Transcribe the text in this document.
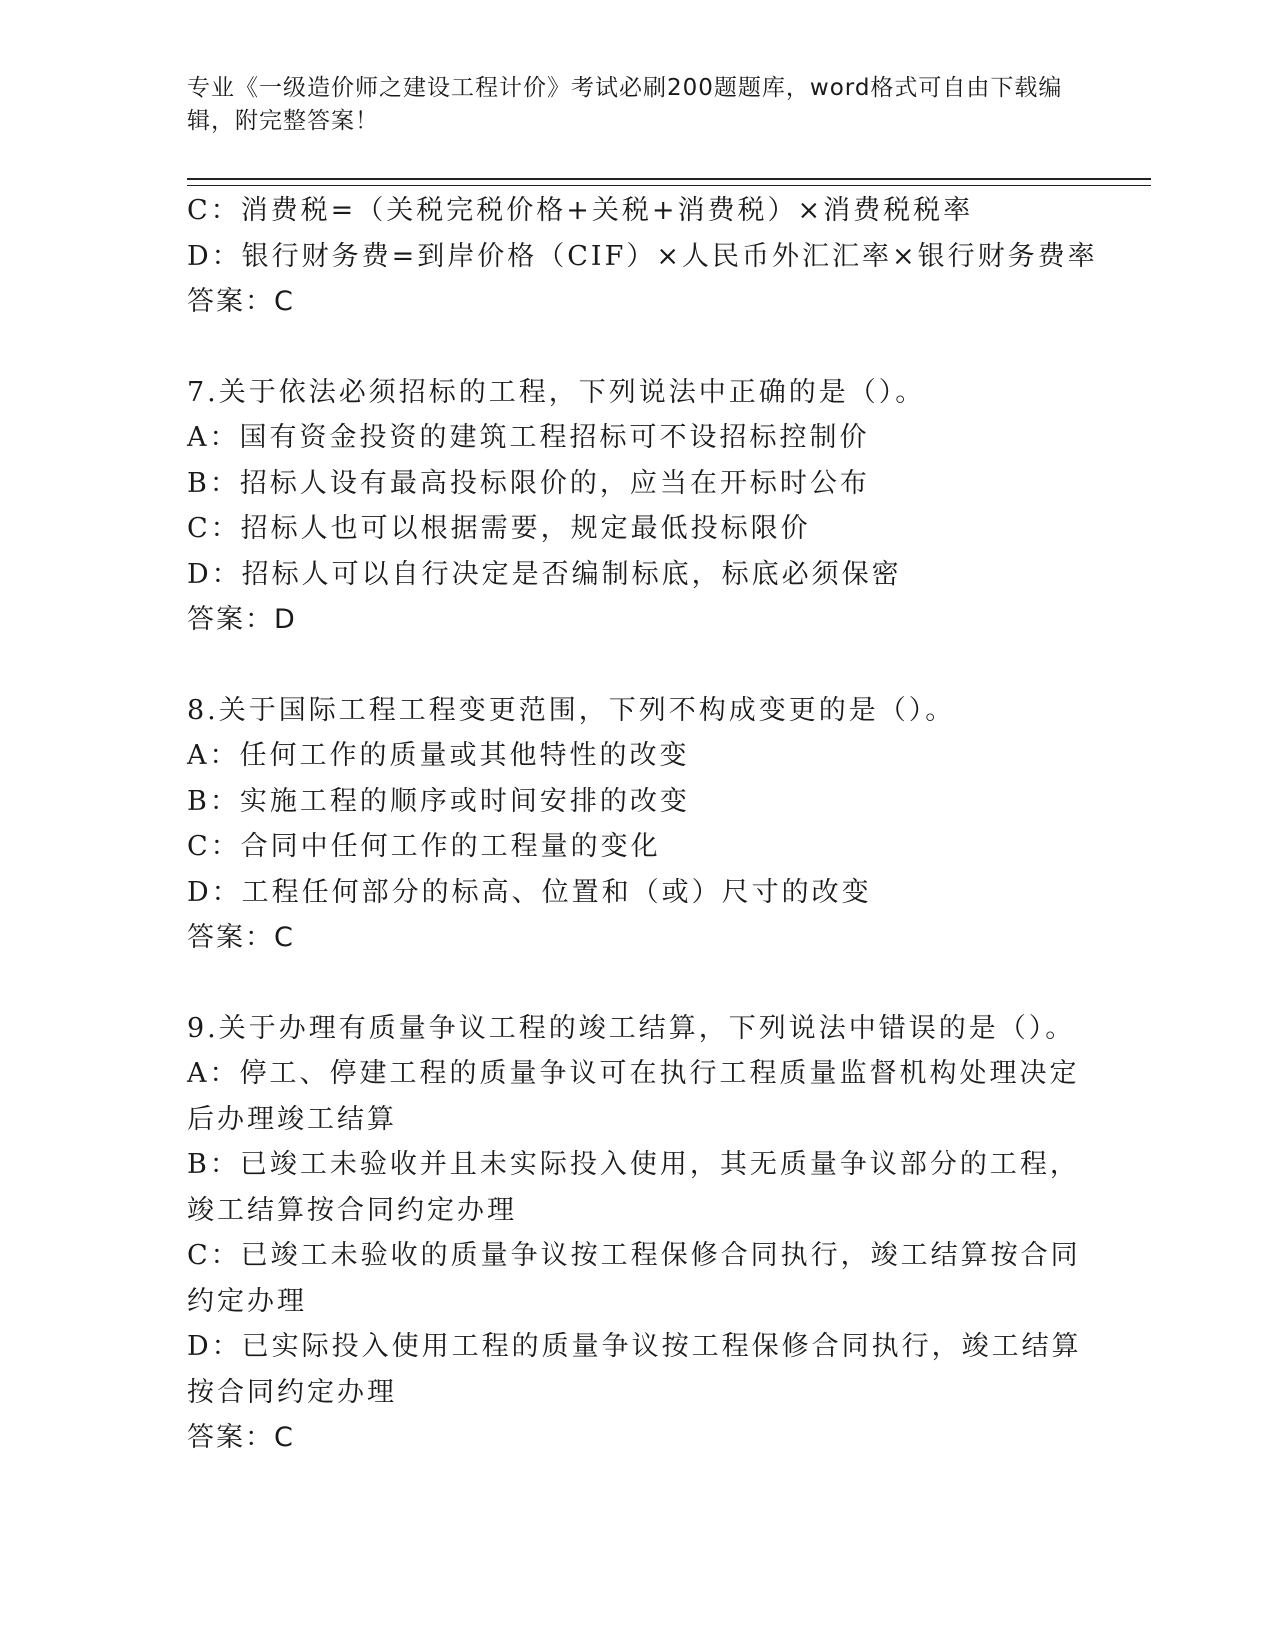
专业《一级造价师之建设工程计价》考试必刷200题题库，word格式可自由下载编辑，附完整答案！

C：消费税=（关税完税价格+关税+消费税）×消费税税率

D：银行财务费=到岸价格（CIF）×人民币外汇汇率×银行财务费率

答案：C

7.关于依法必须招标的工程，下列说法中正确的是（）。

A：国有资金投资的建筑工程招标可不设招标控制价

B：招标人设有最高投标限价的，应当在开标时公布

C：招标人也可以根据需要，规定最低投标限价

D：招标人可以自行决定是否编制标底，标底必须保密

答案：D

8.关于国际工程工程变更范围，下列不构成变更的是（）。

A：任何工作的质量或其他特性的改变

B：实施工程的顺序或时间安排的改变

C：合同中任何工作的工程量的变化

D：工程任何部分的标高、位置和（或）尺寸的改变

答案：C

9.关于办理有质量争议工程的竣工结算，下列说法中错误的是（）。

A：停工、停建工程的质量争议可在执行工程质量监督机构处理决定后办理竣工结算

B：已竣工未验收并且未实际投入使用，其无质量争议部分的工程，竣工结算按合同约定办理

C：已竣工未验收的质量争议按工程保修合同执行，竣工结算按合同约定办理

D：已实际投入使用工程的质量争议按工程保修合同执行，竣工结算按合同约定办理

答案：C
